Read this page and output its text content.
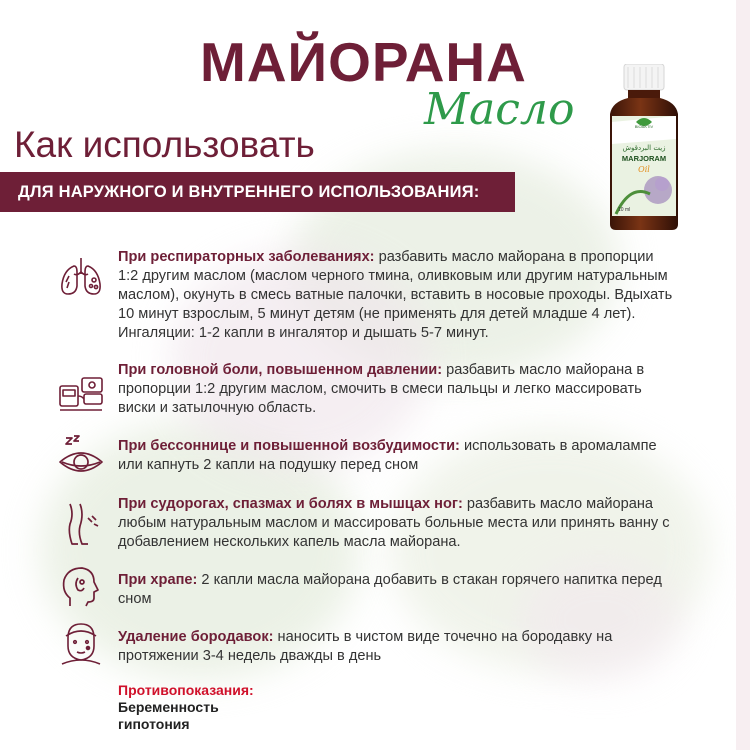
МАЙОРАНА
Масло
Как использовать
ДЛЯ НАРУЖНОГО И ВНУТРЕННЕГО ИСПОЛЬЗОВАНИЯ:
زيت البردقوش
MARJORAM
Oil
10 ml
BIOAKTIV
При респираторных заболеваниях: разбавить масло майорана в пропорции 1:2 другим маслом (маслом черного тмина, оливковым или другим натуральным маслом), окунуть в смесь ватные палочки, вставить в носовые проходы. Вдыхать 10 минут взрослым, 5 минут детям (не применять для детей младше 4 лет). Ингаляции: 1-2 капли в ингалятор и дышать 5-7 минут.
При головной боли, повышенном давлении: разбавить масло майорана в пропорции 1:2 другим маслом, смочить в смеси пальцы и легко массировать виски и затылочную область.
При бессоннице и повышенной возбудимости: использовать в аромалампе или капнуть 2 капли на подушку перед сном
При судорогах, спазмах и болях в мышцах ног: разбавить масло майорана любым натуральным маслом и массировать больные места или принять ванну с добавлением нескольких капель масла майорана.
При храпе: 2 капли масла майорана добавить в стакан горячего напитка перед сном
Удаление бородавок: наносить в чистом виде точечно на бородавку на протяжении 3-4 недель дважды в день
Противопоказания:
Беременность
гипотония
